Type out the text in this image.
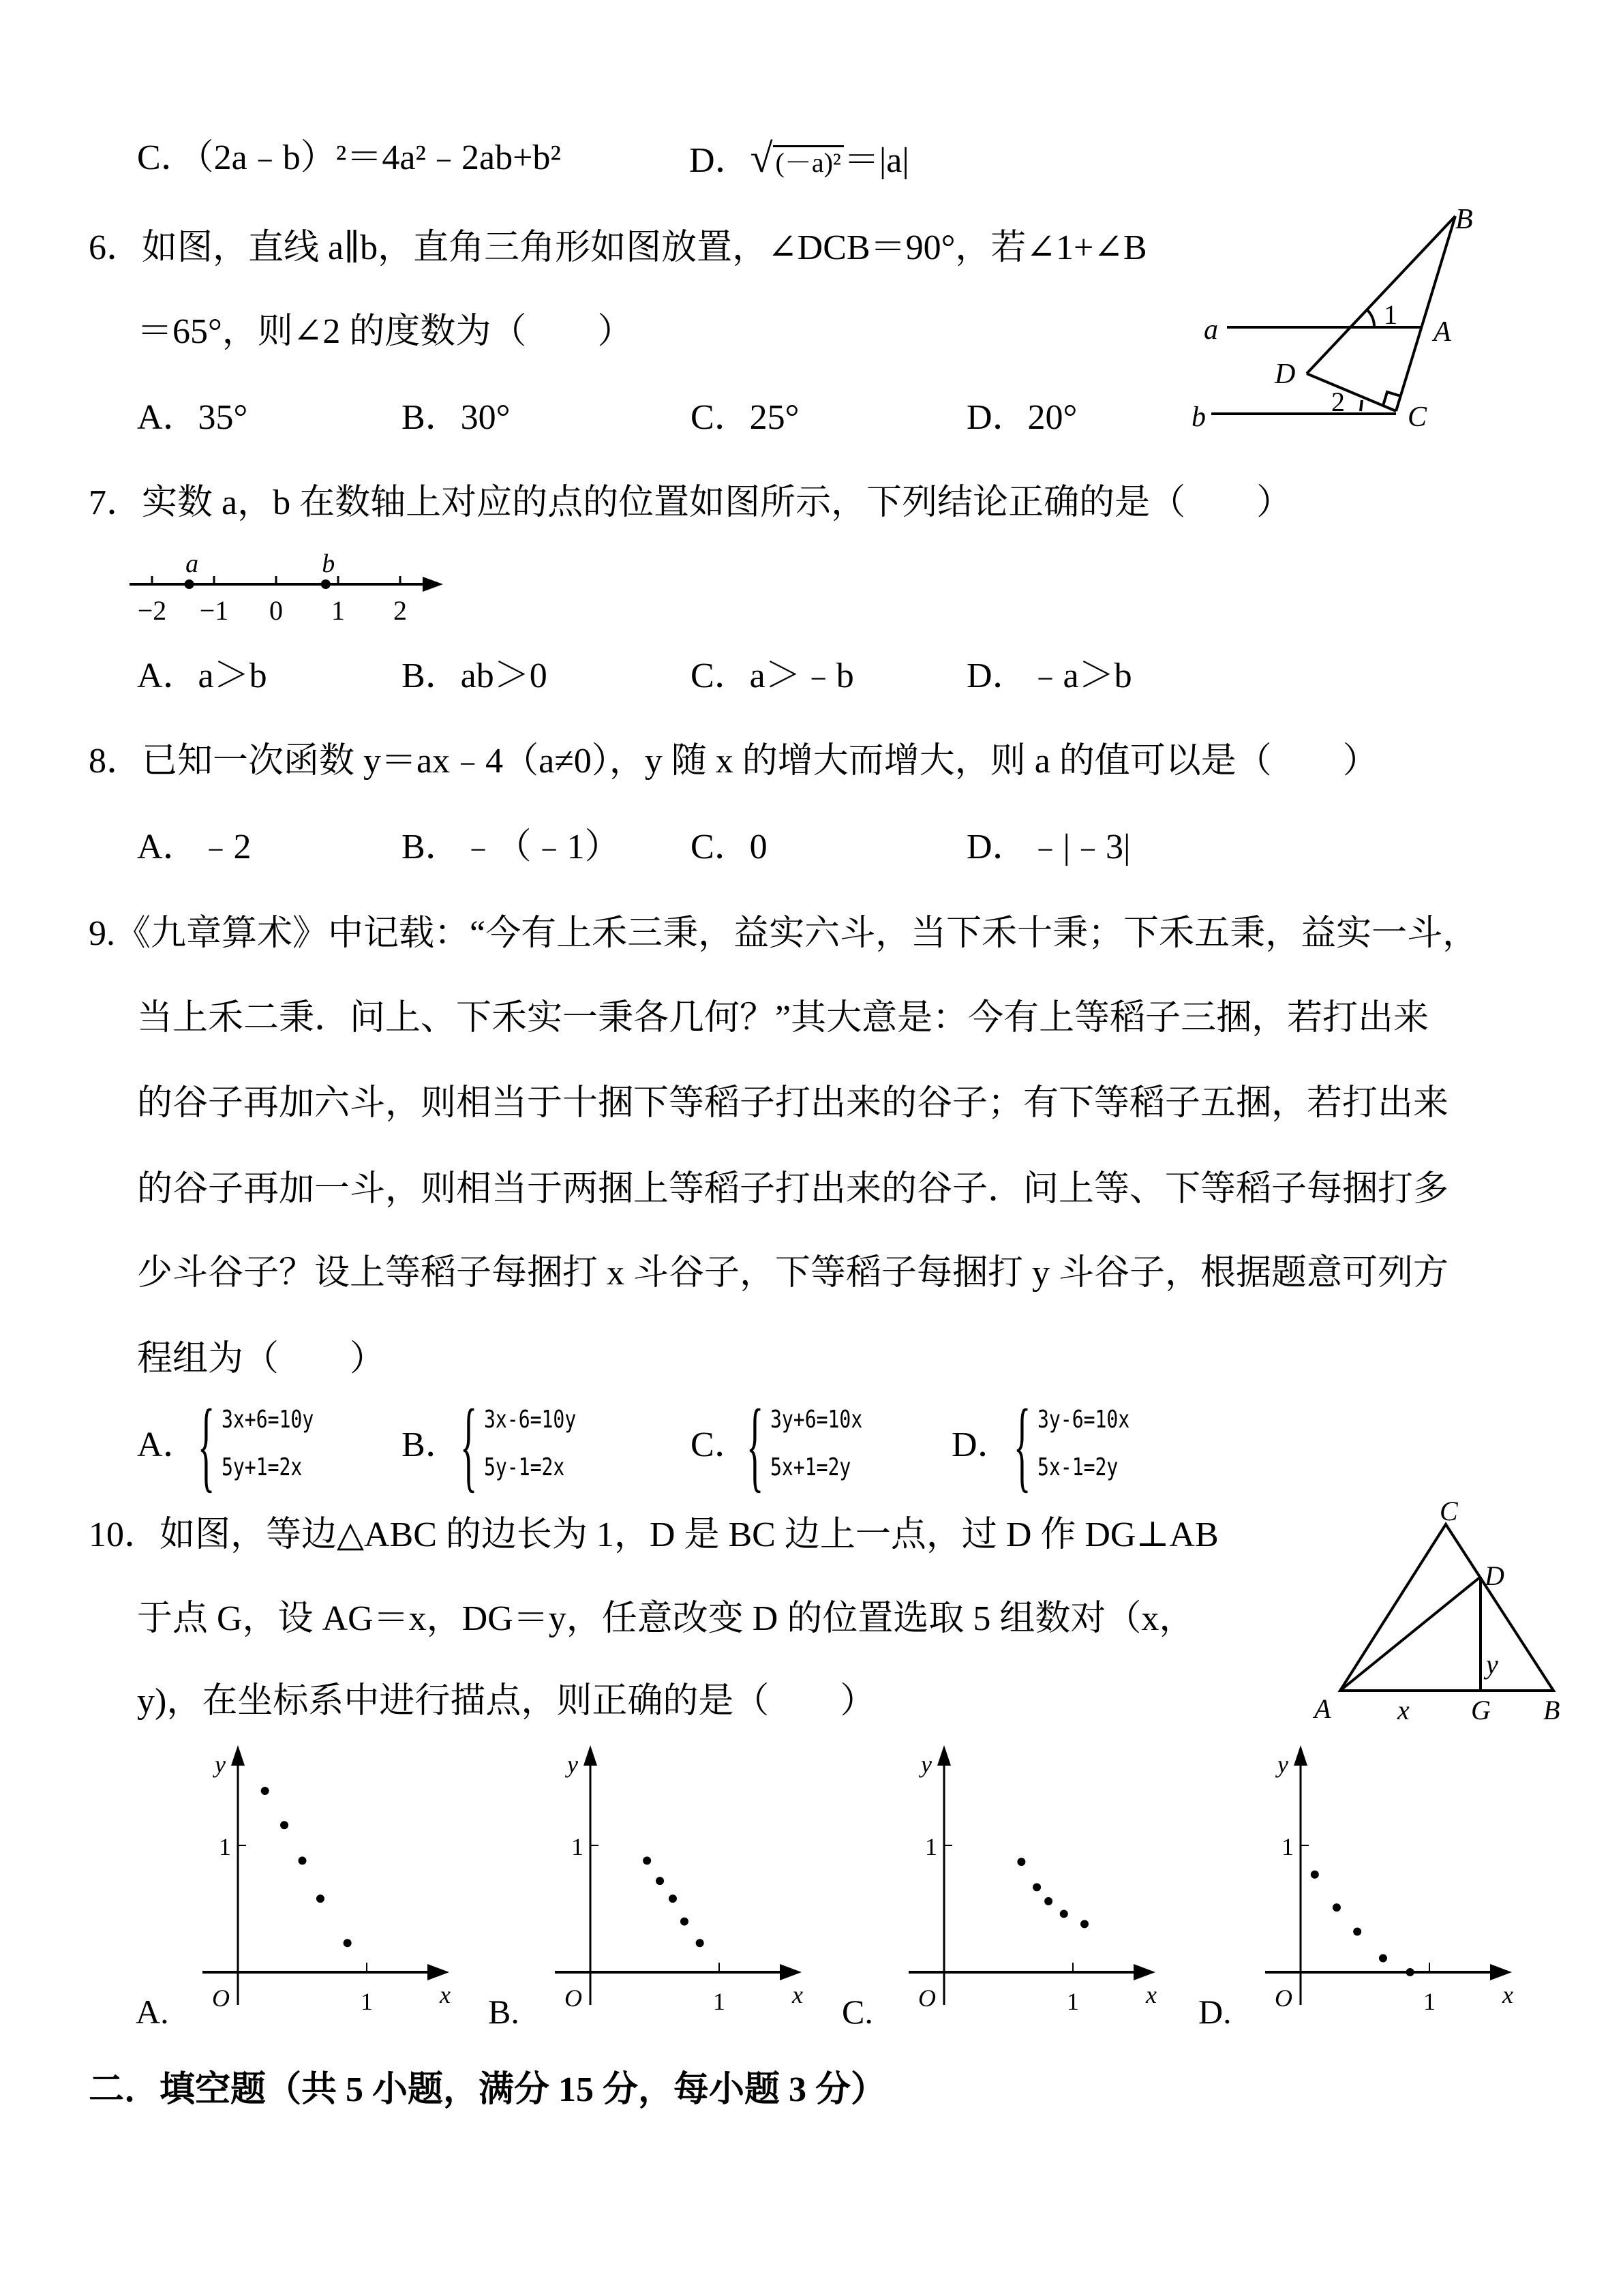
C．（2a﹣b）²＝4a²﹣2ab+b²	D．√ (－a)²＝|a|
6．如图，直线 a∥b，直角三角形如图放置，∠DCB＝90°，若∠1+∠B
＝65°，则∠2 的度数为（　　）
A．35°	B．30°	C．25°	D．20°
a
b
A
B
C
D
1
2
−2 −1 0 1 2
a	b
A	B
C
D
G
x
y
A.	1
1
O	x
y
B.	1
1
O	x
y
C.	1
1
O	x
y
D.	1
1
O	x
y
7．实数 a，b 在数轴上对应的点的位置如图所示，下列结论正确的是（　　）
A．a＞b	B．ab＞0	C．a＞﹣b	D．﹣a＞b
8．已知一次函数 y＝ax﹣4（a≠0），y 随 x 的增大而增大，则 a 的值可以是（　　）
A．﹣2	B．﹣（﹣1） C．0	D．﹣|﹣3|
9.《九章算术》中记载：“今有上禾三秉，益实六斗，当下禾十秉；下禾五秉，益实一斗，
当上禾二秉．问上、下禾实一秉各几何？”其大意是：今有上等稻子三捆，若打出来
的谷子再加六斗，则相当于十捆下等稻子打出来的谷子；有下等稻子五捆，若打出来
的谷子再加一斗，则相当于两捆上等稻子打出来的谷子．问上等、下等稻子每捆打多
少斗谷子？设上等稻子每捆打 x 斗谷子，下等稻子每捆打 y 斗谷子，根据题意可列方
程组为（　　）
A． { 3x+6=10y
5y+1=2x
B． { 3x-6=10y
5y-1=2x
C．
{ 3y+6=10x
5x+1=2y
D． { 3y-6=10x
5x-1=2y
10．如图，等边△ABC 的边长为 1，D 是 BC 边上一点，过 D 作 DG⊥AB
于点 G，设 AG＝x，DG＝y，任意改变 D 的位置选取 5 组数对（x，
y)，在坐标系中进行描点，则正确的是（　　）
二．填空题（共 5 小题，满分 15 分，每小题 3 分）
